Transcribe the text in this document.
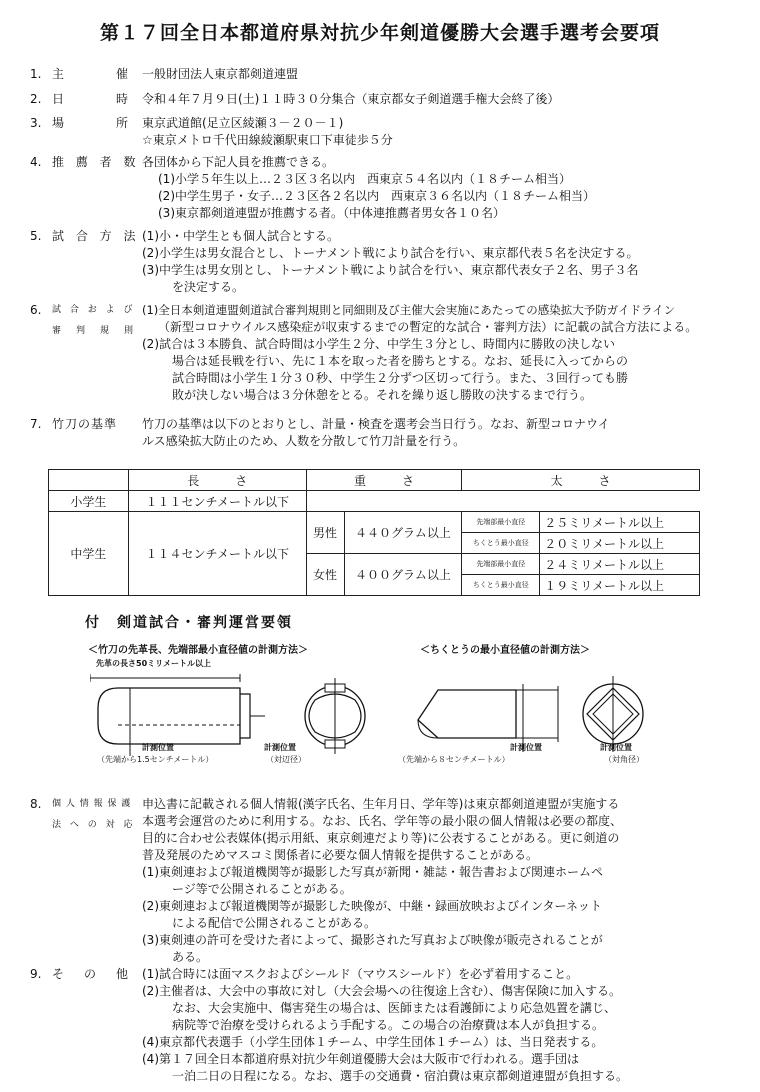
第１７回全日本都道府県対抗少年剣道優勝大会選手選考会要項
1. 主　　　催 一般財団法人東京都剣道連盟
2. 日　　　時 令和４年７月９日(土)１１時３０分集合（東京都女子剣道選手権大会終了後）
3. 場　　　所 東京武道館(足立区綾瀬３－２０－１)
☆東京メトロ千代田線綾瀬駅東口下車徒歩５分
4. 推 薦 者 数 各団体から下記人員を推薦できる。
(1)小学５年生以上…２３区３名以内　西東京５４名以内（１８チーム相当）
(2)中学生男子・女子…２３区各２名以内　西東京３６名以内（１８チーム相当）
(3)東京都剣道連盟が推薦する者。（中体連推薦者男女各１０名）
5. 試 合 方 法 (1)小・中学生とも個人試合とする。
(2)小学生は男女混合とし、トーナメント戦により試合を行い、東京都代表５名を決定する。
(3)中学生は男女別とし、トーナメント戦により試合を行い、東京都代表女子２名、男子３名
を決定する。
6.	試 合 お よ び
審　判　規　則
(1)全日本剣道連盟剣道試合審判規則と同細則及び主催大会実施にあたっての感染拡大予防ガイドライン
（新型コロナウイルス感染症が収束するまでの暫定的な試合・審判方法）に記載の試合方法による。
(2)試合は３本勝負、試合時間は小学生２分、中学生３分とし、時間内に勝敗の決しない
場合は延長戦を行い、先に１本を取った者を勝ちとする。なお、延長に入ってからの
試合時間は小学生１分３０秒、中学生２分ずつ区切って行う。また、３回行っても勝
敗が決しない場合は３分休憩をとる。それを繰り返し勝敗の決するまで行う。
7. 竹刀の基準	竹刀の基準は以下のとおりとし、計量・検査を選考会当日行う。なお、新型コロナウイ
ルス感染拡大防止のため、人数を分散して竹刀計量を行う。
	長　　　さ	重　　　さ		太　　　さ	
小学生	１１１センチメートル以下				
中学生	１１４センチメートル以下	男性	４４０グラム以上	先端部最小直径	２５ミリメートル以上
				ちくとう最小直径	２０ミリメートル以上
		女性	４００グラム以上	先端部最小直径	２４ミリメートル以上
				ちくとう最小直径	１９ミリメートル以上
付　剣道試合・審判運営要領
＜竹刀の先革長、先端部最小直径値の計測方法＞
先革の長さ50ミリメートル以上
計測位置
（先端から1.5センチメートル）
計測位置
（対辺径）
＜ちくとうの最小直径値の計測方法＞
計測位置
（先端から８センチメートル）
計測位置
（対角径）
8.	個 人 情 報 保 護
法 へ の 対 応
申込書に記載される個人情報(漢字氏名、生年月日、学年等)は東京都剣道連盟が実施する
本選考会運営のために利用する。なお、氏名、学年等の最小限の個人情報は必要の都度、
目的に合わせ公表媒体(掲示用紙、東京剣連だより等)に公表することがある。更に剣道の
普及発展のためマスコミ関係者に必要な個人情報を提供することがある。
(1)東剣連および報道機関等が撮影した写真が新聞・雑誌・報告書および関連ホームペ
ージ等で公開されることがある。
(2)東剣連および報道機関等が撮影した映像が、中継・録画放映およびインターネット
による配信で公開されることがある。
(3)東剣連の許可を受けた者によって、撮影された写真および映像が販売されることが
ある。
9. そ　の　他 (1)試合時には面マスクおよびシールド（マウスシールド）を必ず着用すること。
(2)主催者は、大会中の事故に対し（大会会場への往復途上含む）、傷害保険に加入する。
なお、大会実施中、傷害発生の場合は、医師または看護師により応急処置を講じ、
病院等で治療を受けられるよう手配する。この場合の治療費は本人が負担する。
(4)東京都代表選手（小学生団体１チーム、中学生団体１チーム）は、当日発表する。
(4)第１７回全日本都道府県対抗少年剣道優勝大会は大阪市で行われる。選手団は
一泊二日の日程になる。なお、選手の交通費・宿泊費は東京都剣道連盟が負担する。
